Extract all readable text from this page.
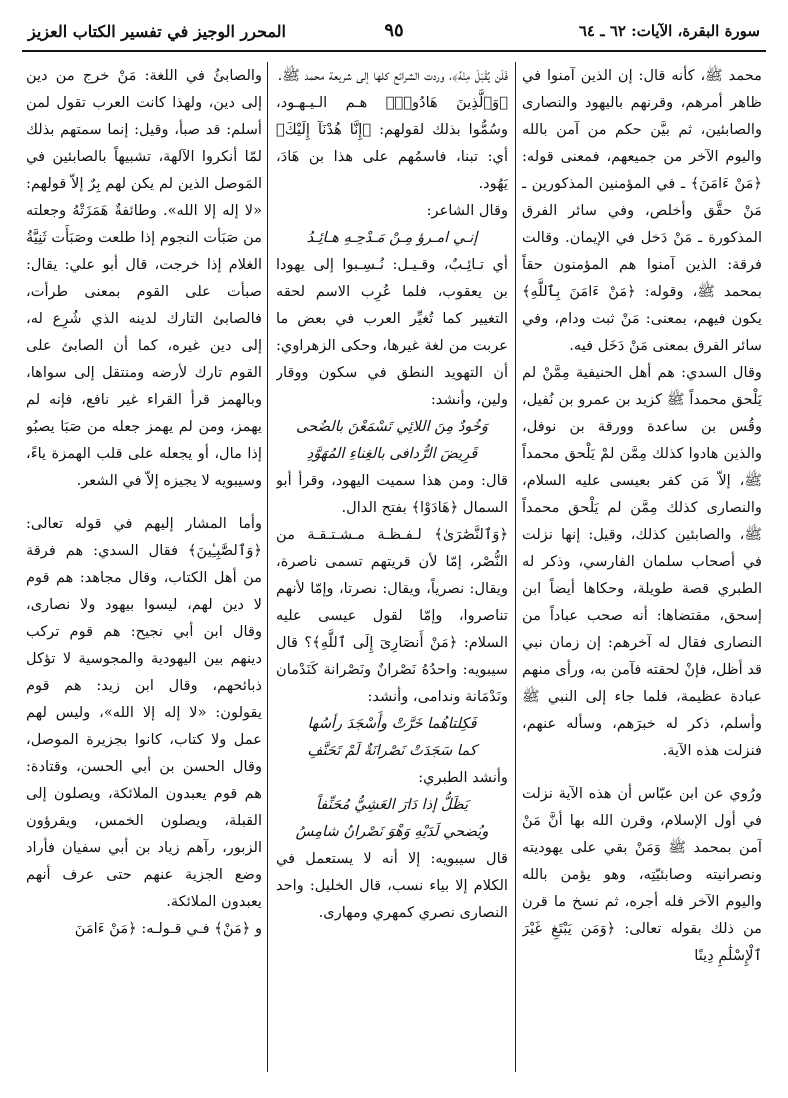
سورة البقرة، الآيات: ٦٢ ـ ٦٤
٩٥
المحرر الوجيز في تفسير الكتاب العزيز

محمد ﷺ، كأنه قال: إن الذين آمنوا في ظاهر أمرهم، وقرنهم باليهود والنصارى والصابئين، ثم بيَّن حكم من آمن بالله واليوم الآخر من جميعهم، فمعنى قوله: ﴿مَنْ ءَامَنَ﴾ ـ في المؤمنين المذكورين ـ مَنْ حقَّق وأخلص، وفي سائر الفرق المذكورة ـ مَنْ دَخل في الإيمان. وقالت فرقة: الذين آمنوا هم المؤمنون حقاً بمحمد ﷺ، وقوله: ﴿مَنْ ءَامَنَ بِٱللَّهِ﴾ يكون فيهم، بمعنى: مَنْ ثبت ودام، وفي سائر الفرق بمعنى مَنْ دَخَل فيه.

وقال السدي: هم أهل الحنيفية مِمَّنْ لم يَلْحق محمداً ﷺ كزيد بن عمرو بن نُفيل، وقُس بن ساعدة وورقة بن نوفل، والذين هادوا كذلك مِمَّن لمْ يَلْحق محمداً ﷺ، إلاّ مَن كفر بعيسى عليه السلام، والنصارى كذلك مِمَّن لم يَلْحق محمداً ﷺ، والصابئين كذلك، وقيل: إنها نزلت في أصحاب سلمان الفارسي، وذكر له الطبري قصة طويلة، وحكاها أيضاً ابن إسحق، مقتضاها: أنه صحب عباداً من النصارى فقال له آخرهم: إن زمان نبي قد أظل، فإنْ لحقته فآمن به، ورأى منهم عبادة عظيمة، فلما جاء إلى النبي ﷺ وأسلم، ذكر له خبرَهم، وسأله عنهم، فنزلت هذه الآية.

ورُوي عن ابن عبّاس أن هذه الآية نزلت في أول الإسلام، وقرن الله بها أنَّ مَنْ آمن بمحمد ﷺ وَمَنْ بقي على يهوديته ونصرانيته وصابئيّتِه، وهو يؤمن بالله واليوم الآخر فله أجره، ثم نسخ ما قرن من ذلك بقوله تعالى: ﴿وَمَن يَبْتَغِ غَيْرَ ٱلْإِسْلَٰمِ دِينًا

فَلَن يُقْبَلَ مِنْهُ﴾، وردت الشرائع كلها إلى شريعة محمد ﷺ.

﴿وَٱلَّذِينَ هَادُوا۟﴾ هـم الـيـهـود، وسُمُّوا بذلك لقولهم: ﴿إِنَّا هُدْنَآ إِلَيْكَ﴾ أي: تبنا، فاسمُهم على هذا بن هَادَ، يَهُود.

وقال الشاعر:

إنـي امـرؤ مِـنْ مَـدْحِـهِ هـائِـدُ

أي تـائِـبٌ، وقـيـل: نُـسِـبوا إلى يهودا بن يعقوب، فلما عُرِب الاسم لحقه التغيير كما تُغيِّر العرب في بعض ما عربت من لغة غيرها، وحكى الزهراوي: أن التهويد النطق في سكون ووقار ولين، وأنشد:

وَخُودٌ مِنَ اللائِي تَسْمَعْنَ بالضُحى

قَرِيضَ الرُّدافى بالغِناءِ المُهَوَّدِ

قال: ومن هذا سميت اليهود، وقرأ أبو السمال ﴿هَادَوْا﴾ بفتح الدال.

﴿وَٱلنَّصَٰرَىٰ﴾ لـفـظـة مـشـتـقـة من النُّصْر، إمّا لأن قريتهم تسمى ناصرة، ويقال: نصرياً، ويقال: نصرتا، وإمّا لأنهم تناصروا، وإمّا لقول عيسى عليه السلام: ﴿مَنْ أَنصَارِىٓ إِلَى ٱللَّهِ﴾؟ قال سيبويه: واحدُهُ نَصْرانٌ ونَصْرانة كَنَدْمان ونَدْمَانة وندامى، وأنشد:

فَكِلتاهُما خَرَّتْ وأَسْجَدَ رأسُها

كما سَجَدَتْ نَصْرانَةٌ لَمْ تَحَنَّفِ

وأنشد الطبري:

يَظَلُّ إذا دَارَ العَشِيُّ مُحَنِّفاً

ويُضحي لَدَيْهِ وَهْوَ نَصْرانُ شامِسُ

قال سيبويه: إلا أنه لا يستعمل في الكلام إلا بياء نسب، قال الخليل: واحد النصارى نصري كمهري ومهارى.

والصابئُ في اللغة: مَنْ خرج من دين إلى دين، ولهذا كانت العرب تقول لمن أسلم: قد صبأ، وقيل: إنما سمتهم بذلك لمّا أنكروا الآلهة، تشبيهاً بالصابئين في المَوصل الذين لم يكن لهم بِرٌ إلاّ قولهم: «لا إله إلا الله». وطائفةٌ هَمَزَتْهُ وجعلته من صَبَأت النجوم إذا طلعت وصَبَأَت ثَنِيَّةُ الغلام إذا خرجت، قال أبو علي: يقال: صبأت على القوم بمعنى طرأت، فالصابئ التارك لدينه الذي شُرِع له، إلى دين غيره، كما أن الصابئ على القوم تارك لأرضه ومنتقل إلى سواها، وبالهمز قرأ القراء غير نافع، فإنه لم يهمز، ومن لم يهمز جعله من صَبَا يصبُو إذا مال، أو يجعله على قلب الهمزة ياءً، وسيبويه لا يجيزه إلاّ في الشعر.

وأما المشار إليهم في قوله تعالى: ﴿وَٱلصَّٰبِـِٔينَ﴾ فقال السدي: هم فرقة من أهل الكتاب، وقال مجاهد: هم قوم لا دين لهم، ليسوا بيهود ولا نصارى، وقال ابن أبي نجيح: هم قوم تركب دينهم بين اليهودية والمجوسية لا تؤكل ذبائحهم، وقال ابن زيد: هم قوم يقولون: «لا إله إلا الله»، وليس لهم عمل ولا كتاب، كانوا بجزيرة الموصل، وقال الحسن بن أبي الحسن، وقتادة: هم قوم يعبدون الملائكة، ويصلون إلى القبلة، ويصلون الخمس، ويقرؤون الزبور، رآهم زياد بن أبي سفيان فأراد وضع الجزية عنهم حتى عرف أنهم يعبدون الملائكة.

و ﴿مَنْ﴾ فـي قـولـه: ﴿مَنْ ءَامَنَ
